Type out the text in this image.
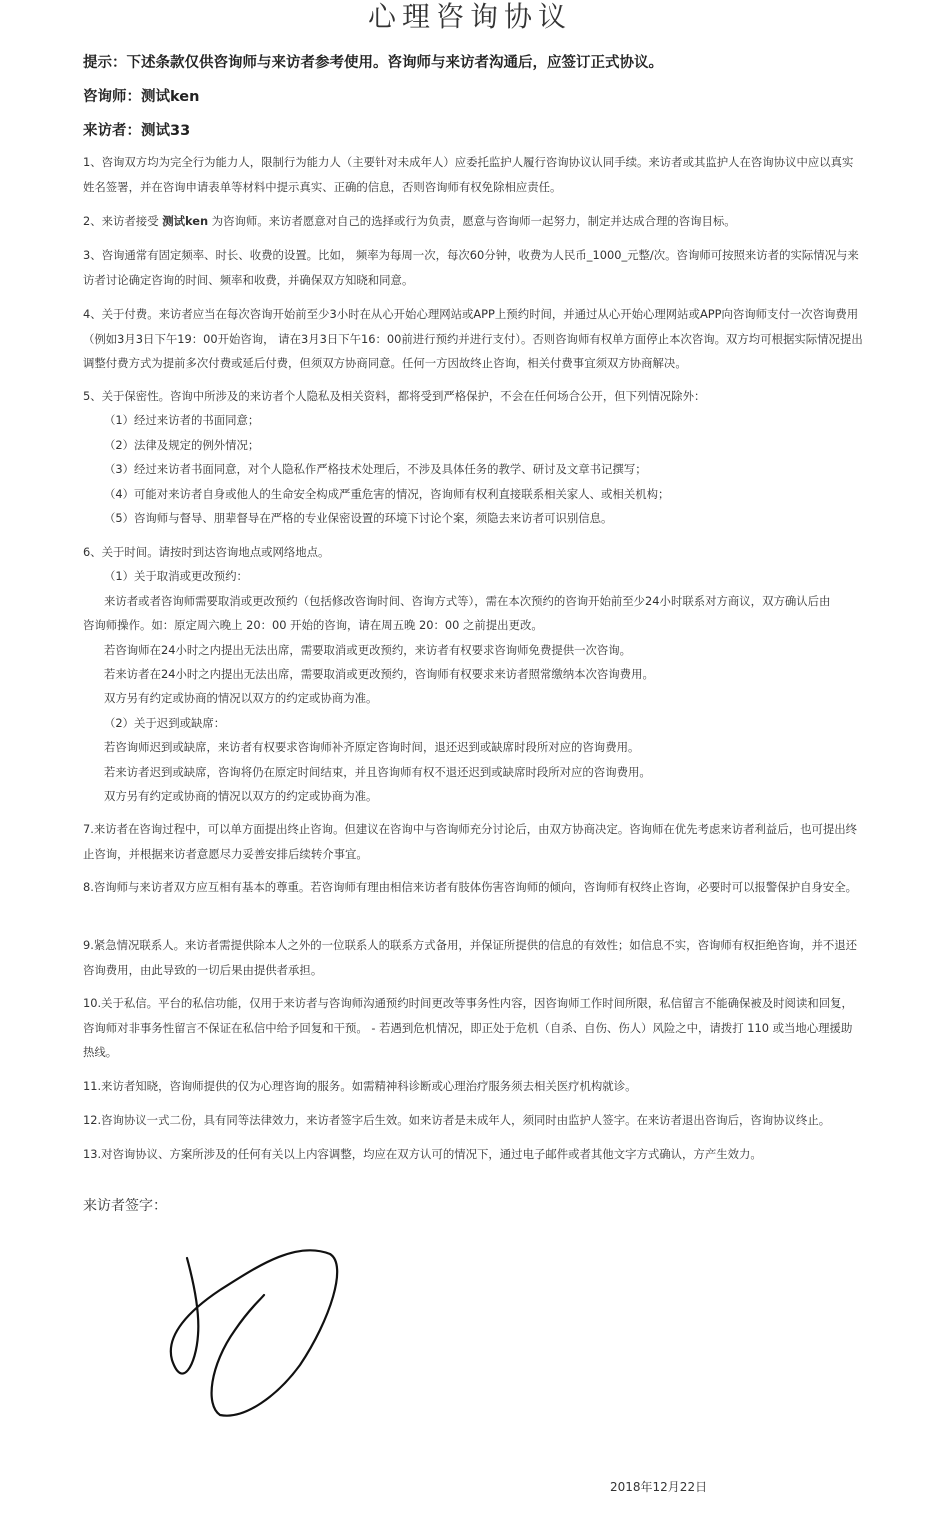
心理咨询协议
提示：下述条款仅供咨询师与来访者参考使用。咨询师与来访者沟通后，应签订正式协议。
咨询师：测试ken
来访者：测试33
1、咨询双方均为完全行为能力人，限制行为能力人（主要针对未成年人）应委托监护人履行咨询协议认同手续。来访者或其监护人在咨询协议中应以真实姓名签署，并在咨询申请表单等材料中提示真实、正确的信息，否则咨询师有权免除相应责任。
2、来访者接受 测试ken 为咨询师。来访者愿意对自己的选择或行为负责，愿意与咨询师一起努力，制定并达成合理的咨询目标。
3、咨询通常有固定频率、时长、收费的设置。比如， 频率为每周一次，每次60分钟，收费为人民币_1000_元整/次。咨询师可按照来访者的实际情况与来访者讨论确定咨询的时间、频率和收费，并确保双方知晓和同意。
4、关于付费。来访者应当在每次咨询开始前至少3小时在从心开始心理网站或APP上预约时间，并通过从心开始心理网站或APP向咨询师支付一次咨询费用（例如3月3日下午19：00开始咨询， 请在3月3日下午16：00前进行预约并进行支付）。否则咨询师有权单方面停止本次咨询。双方均可根据实际情况提出调整付费方式为提前多次付费或延后付费，但须双方协商同意。任何一方因故终止咨询，相关付费事宜须双方协商解决。
5、关于保密性。咨询中所涉及的来访者个人隐私及相关资料，都将受到严格保护，不会在任何场合公开，但下列情况除外：
（1）经过来访者的书面同意；
（2）法律及规定的例外情况；
（3）经过来访者书面同意，对个人隐私作严格技术处理后，不涉及具体任务的教学、研讨及文章书记撰写；
（4）可能对来访者自身或他人的生命安全构成严重危害的情况，咨询师有权利直接联系相关家人、或相关机构；
（5）咨询师与督导、朋辈督导在严格的专业保密设置的环境下讨论个案，须隐去来访者可识别信息。
6、关于时间。请按时到达咨询地点或网络地点。
（1）关于取消或更改预约：
来访者或者咨询师需要取消或更改预约（包括修改咨询时间、咨询方式等），需在本次预约的咨询开始前至少24小时联系对方商议，双方确认后由
咨询师操作。如：原定周六晚上 20：00 开始的咨询，请在周五晚 20：00 之前提出更改。
若咨询师在24小时之内提出无法出席，需要取消或更改预约，来访者有权要求咨询师免费提供一次咨询。
若来访者在24小时之内提出无法出席，需要取消或更改预约，咨询师有权要求来访者照常缴纳本次咨询费用。
双方另有约定或协商的情况以双方的约定或协商为准。
（2）关于迟到或缺席：
若咨询师迟到或缺席，来访者有权要求咨询师补齐原定咨询时间，退还迟到或缺席时段所对应的咨询费用。
若来访者迟到或缺席，咨询将仍在原定时间结束，并且咨询师有权不退还迟到或缺席时段所对应的咨询费用。
双方另有约定或协商的情况以双方的约定或协商为准。
7.来访者在咨询过程中，可以单方面提出终止咨询。但建议在咨询中与咨询师充分讨论后，由双方协商决定。咨询师在优先考虑来访者利益后，也可提出终止咨询，并根据来访者意愿尽力妥善安排后续转介事宜。
8.咨询师与来访者双方应互相有基本的尊重。若咨询师有理由相信来访者有肢体伤害咨询师的倾向，咨询师有权终止咨询，必要时可以报警保护自身安全。
9.紧急情况联系人。来访者需提供除本人之外的一位联系人的联系方式备用，并保证所提供的信息的有效性；如信息不实，咨询师有权拒绝咨询，并不退还咨询费用，由此导致的一切后果由提供者承担。
10.关于私信。平台的私信功能，仅用于来访者与咨询师沟通预约时间更改等事务性内容，因咨询师工作时间所限，私信留言不能确保被及时阅读和回复，咨询师对非事务性留言不保证在私信中给予回复和干预。 - 若遇到危机情况，即正处于危机（自杀、自伤、伤人）风险之中，请拨打 110 或当地心理援助热线。
11.来访者知晓，咨询师提供的仅为心理咨询的服务。如需精神科诊断或心理治疗服务须去相关医疗机构就诊。
12.咨询协议一式二份，具有同等法律效力，来访者签字后生效。如来访者是未成年人，须同时由监护人签字。在来访者退出咨询后，咨询协议终止。
13.对咨询协议、方案所涉及的任何有关以上内容调整，均应在双方认可的情况下，通过电子邮件或者其他文字方式确认，方产生效力。
来访者签字：
2018年12月22日
